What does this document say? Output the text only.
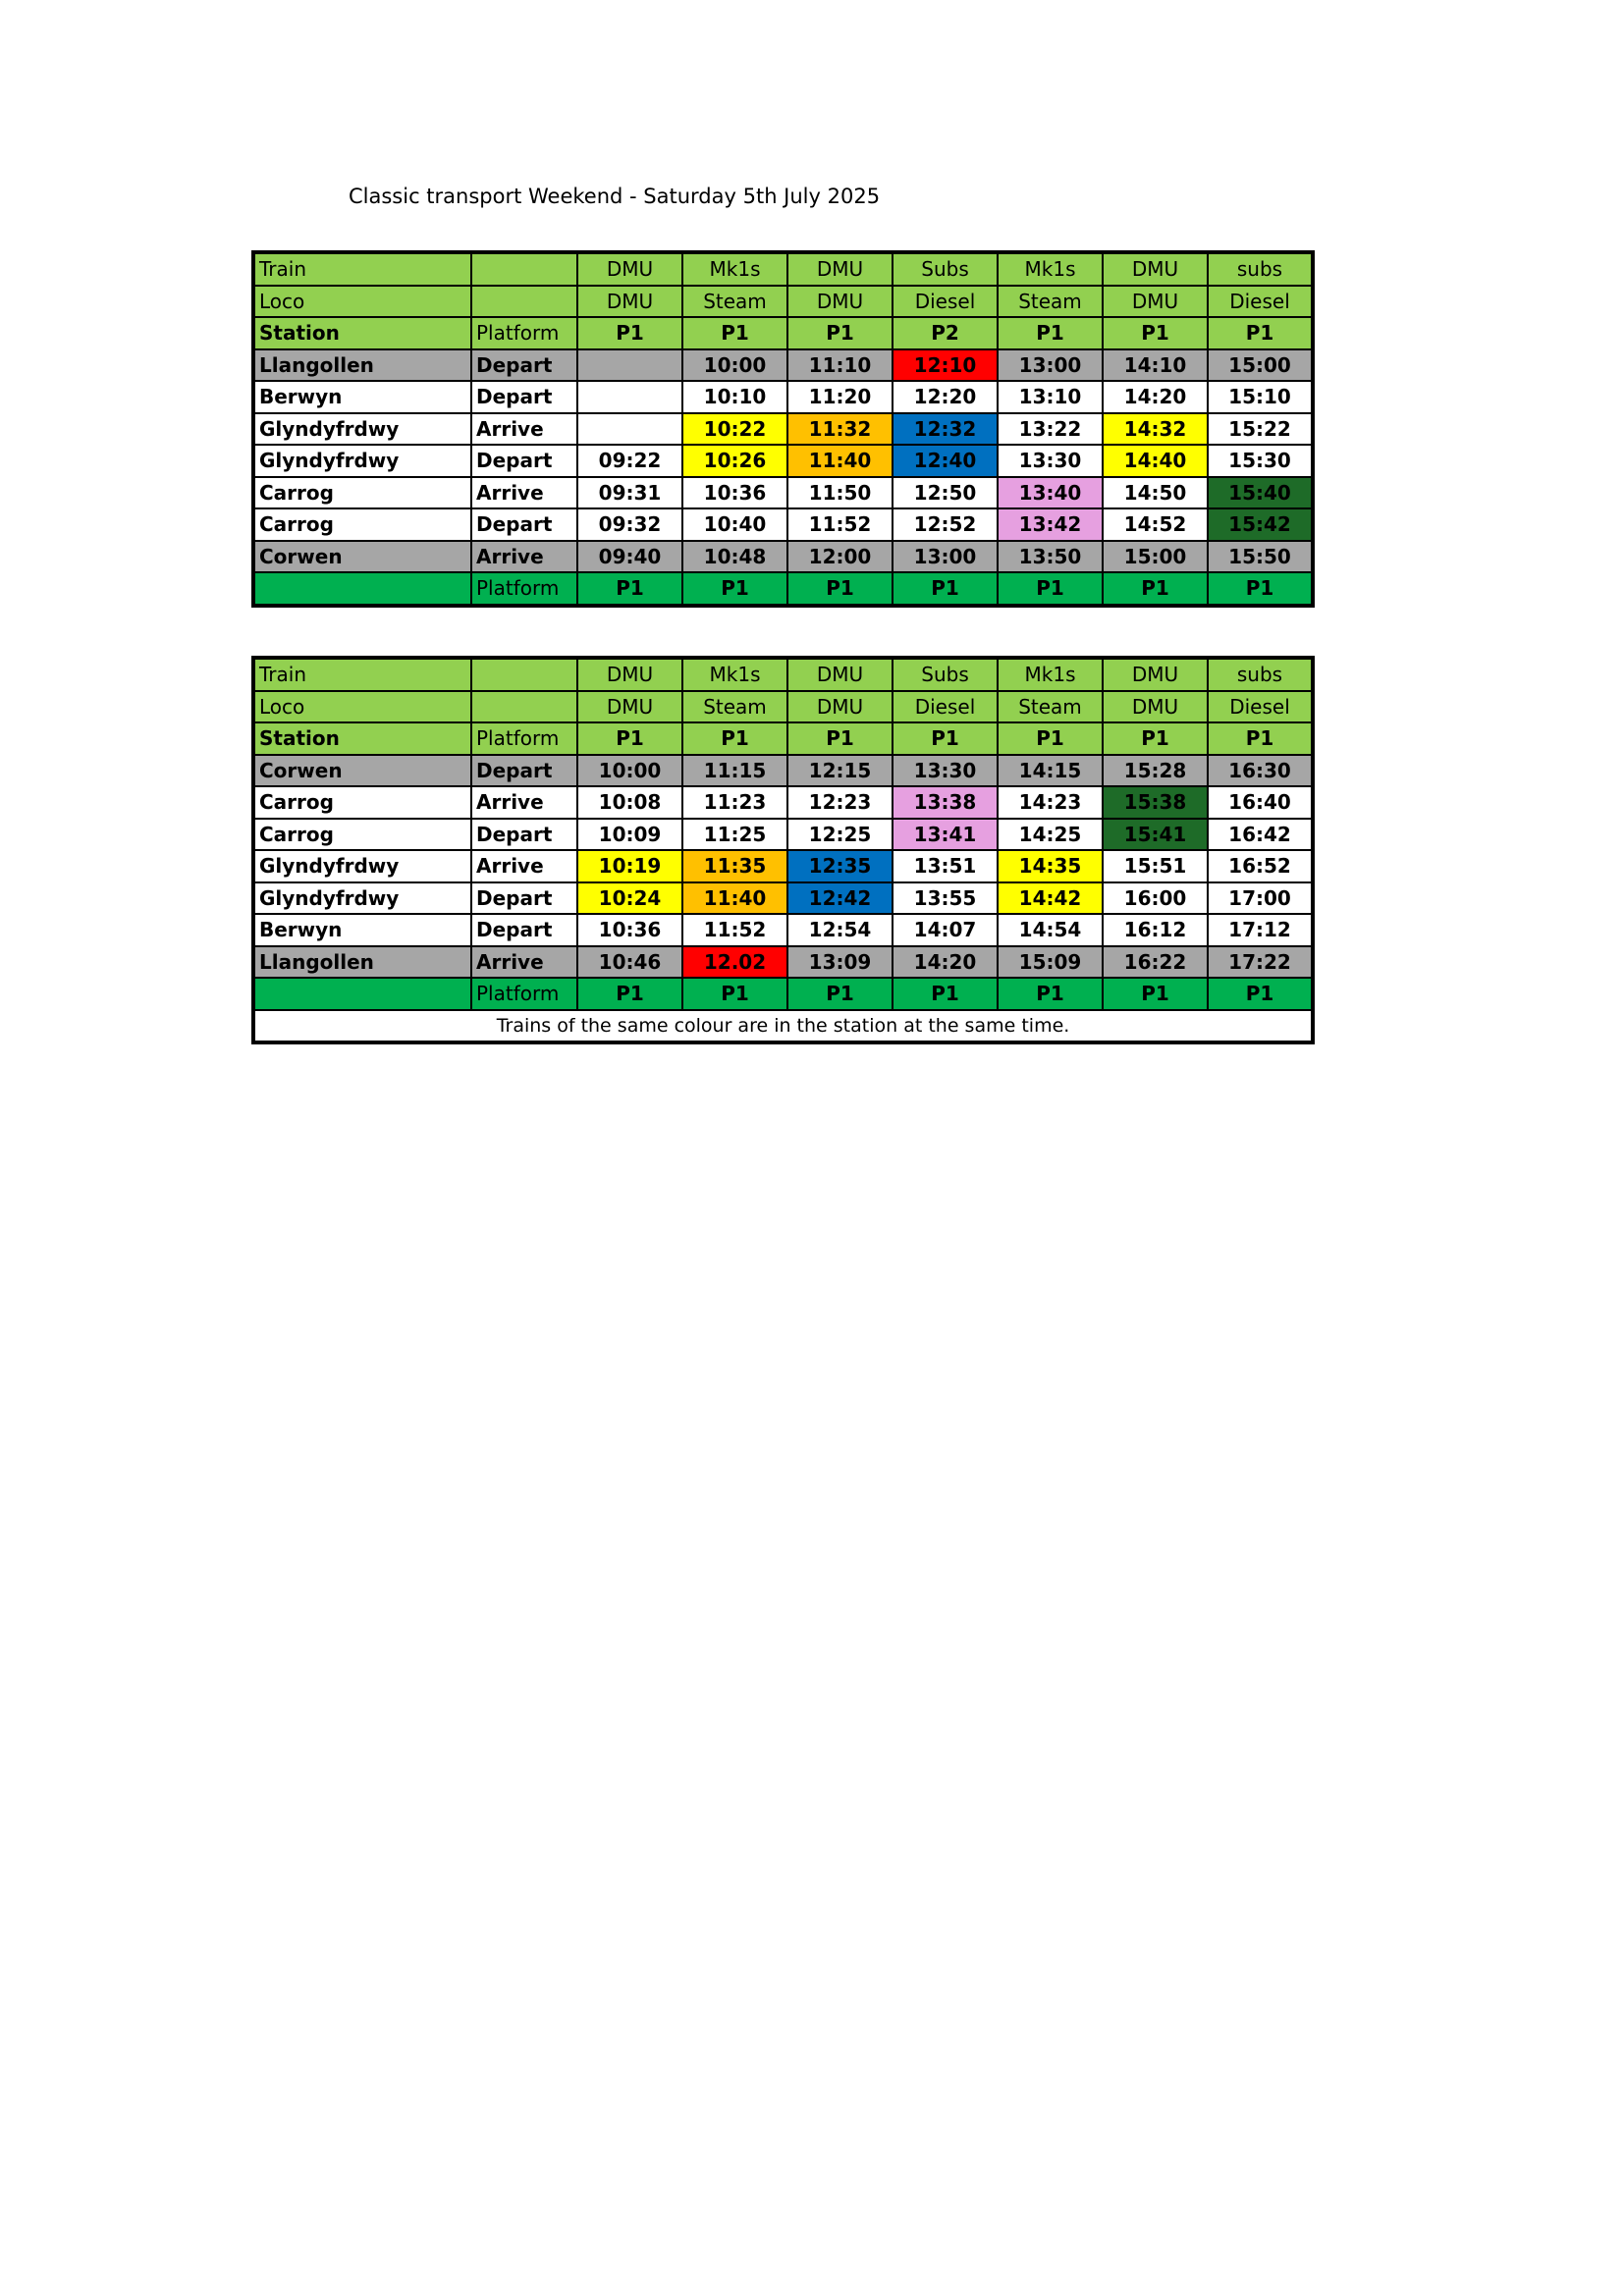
Classic transport Weekend - Saturday 5th July 2025
Train		DMU	Mk1s	DMU	Subs	Mk1s	DMU	subs
Loco		DMU	Steam	DMU	Diesel	Steam	DMU	Diesel
Station	Platform	P1	P1	P1	P2	P1	P1	P1
Llangollen	Depart		10:00	11:10	12:10	13:00	14:10	15:00
Berwyn	Depart		10:10	11:20	12:20	13:10	14:20	15:10
Glyndyfrdwy	Arrive		10:22	11:32	12:32	13:22	14:32	15:22
Glyndyfrdwy	Depart	09:22	10:26	11:40	12:40	13:30	14:40	15:30
Carrog	Arrive	09:31	10:36	11:50	12:50	13:40	14:50	15:40
Carrog	Depart	09:32	10:40	11:52	12:52	13:42	14:52	15:42
Corwen	Arrive	09:40	10:48	12:00	13:00	13:50	15:00	15:50
	Platform	P1	P1	P1	P1	P1	P1	P1
Train		DMU	Mk1s	DMU	Subs	Mk1s	DMU	subs
Loco		DMU	Steam	DMU	Diesel	Steam	DMU	Diesel
Station	Platform	P1	P1	P1	P1	P1	P1	P1
Corwen	Depart	10:00	11:15	12:15	13:30	14:15	15:28	16:30
Carrog	Arrive	10:08	11:23	12:23	13:38	14:23	15:38	16:40
Carrog	Depart	10:09	11:25	12:25	13:41	14:25	15:41	16:42
Glyndyfrdwy	Arrive	10:19	11:35	12:35	13:51	14:35	15:51	16:52
Glyndyfrdwy	Depart	10:24	11:40	12:42	13:55	14:42	16:00	17:00
Berwyn	Depart	10:36	11:52	12:54	14:07	14:54	16:12	17:12
Llangollen	Arrive	10:46	12.02	13:09	14:20	15:09	16:22	17:22
	Platform	P1	P1	P1	P1	P1	P1	P1
Trains of the same colour are in the station at the same time.								
